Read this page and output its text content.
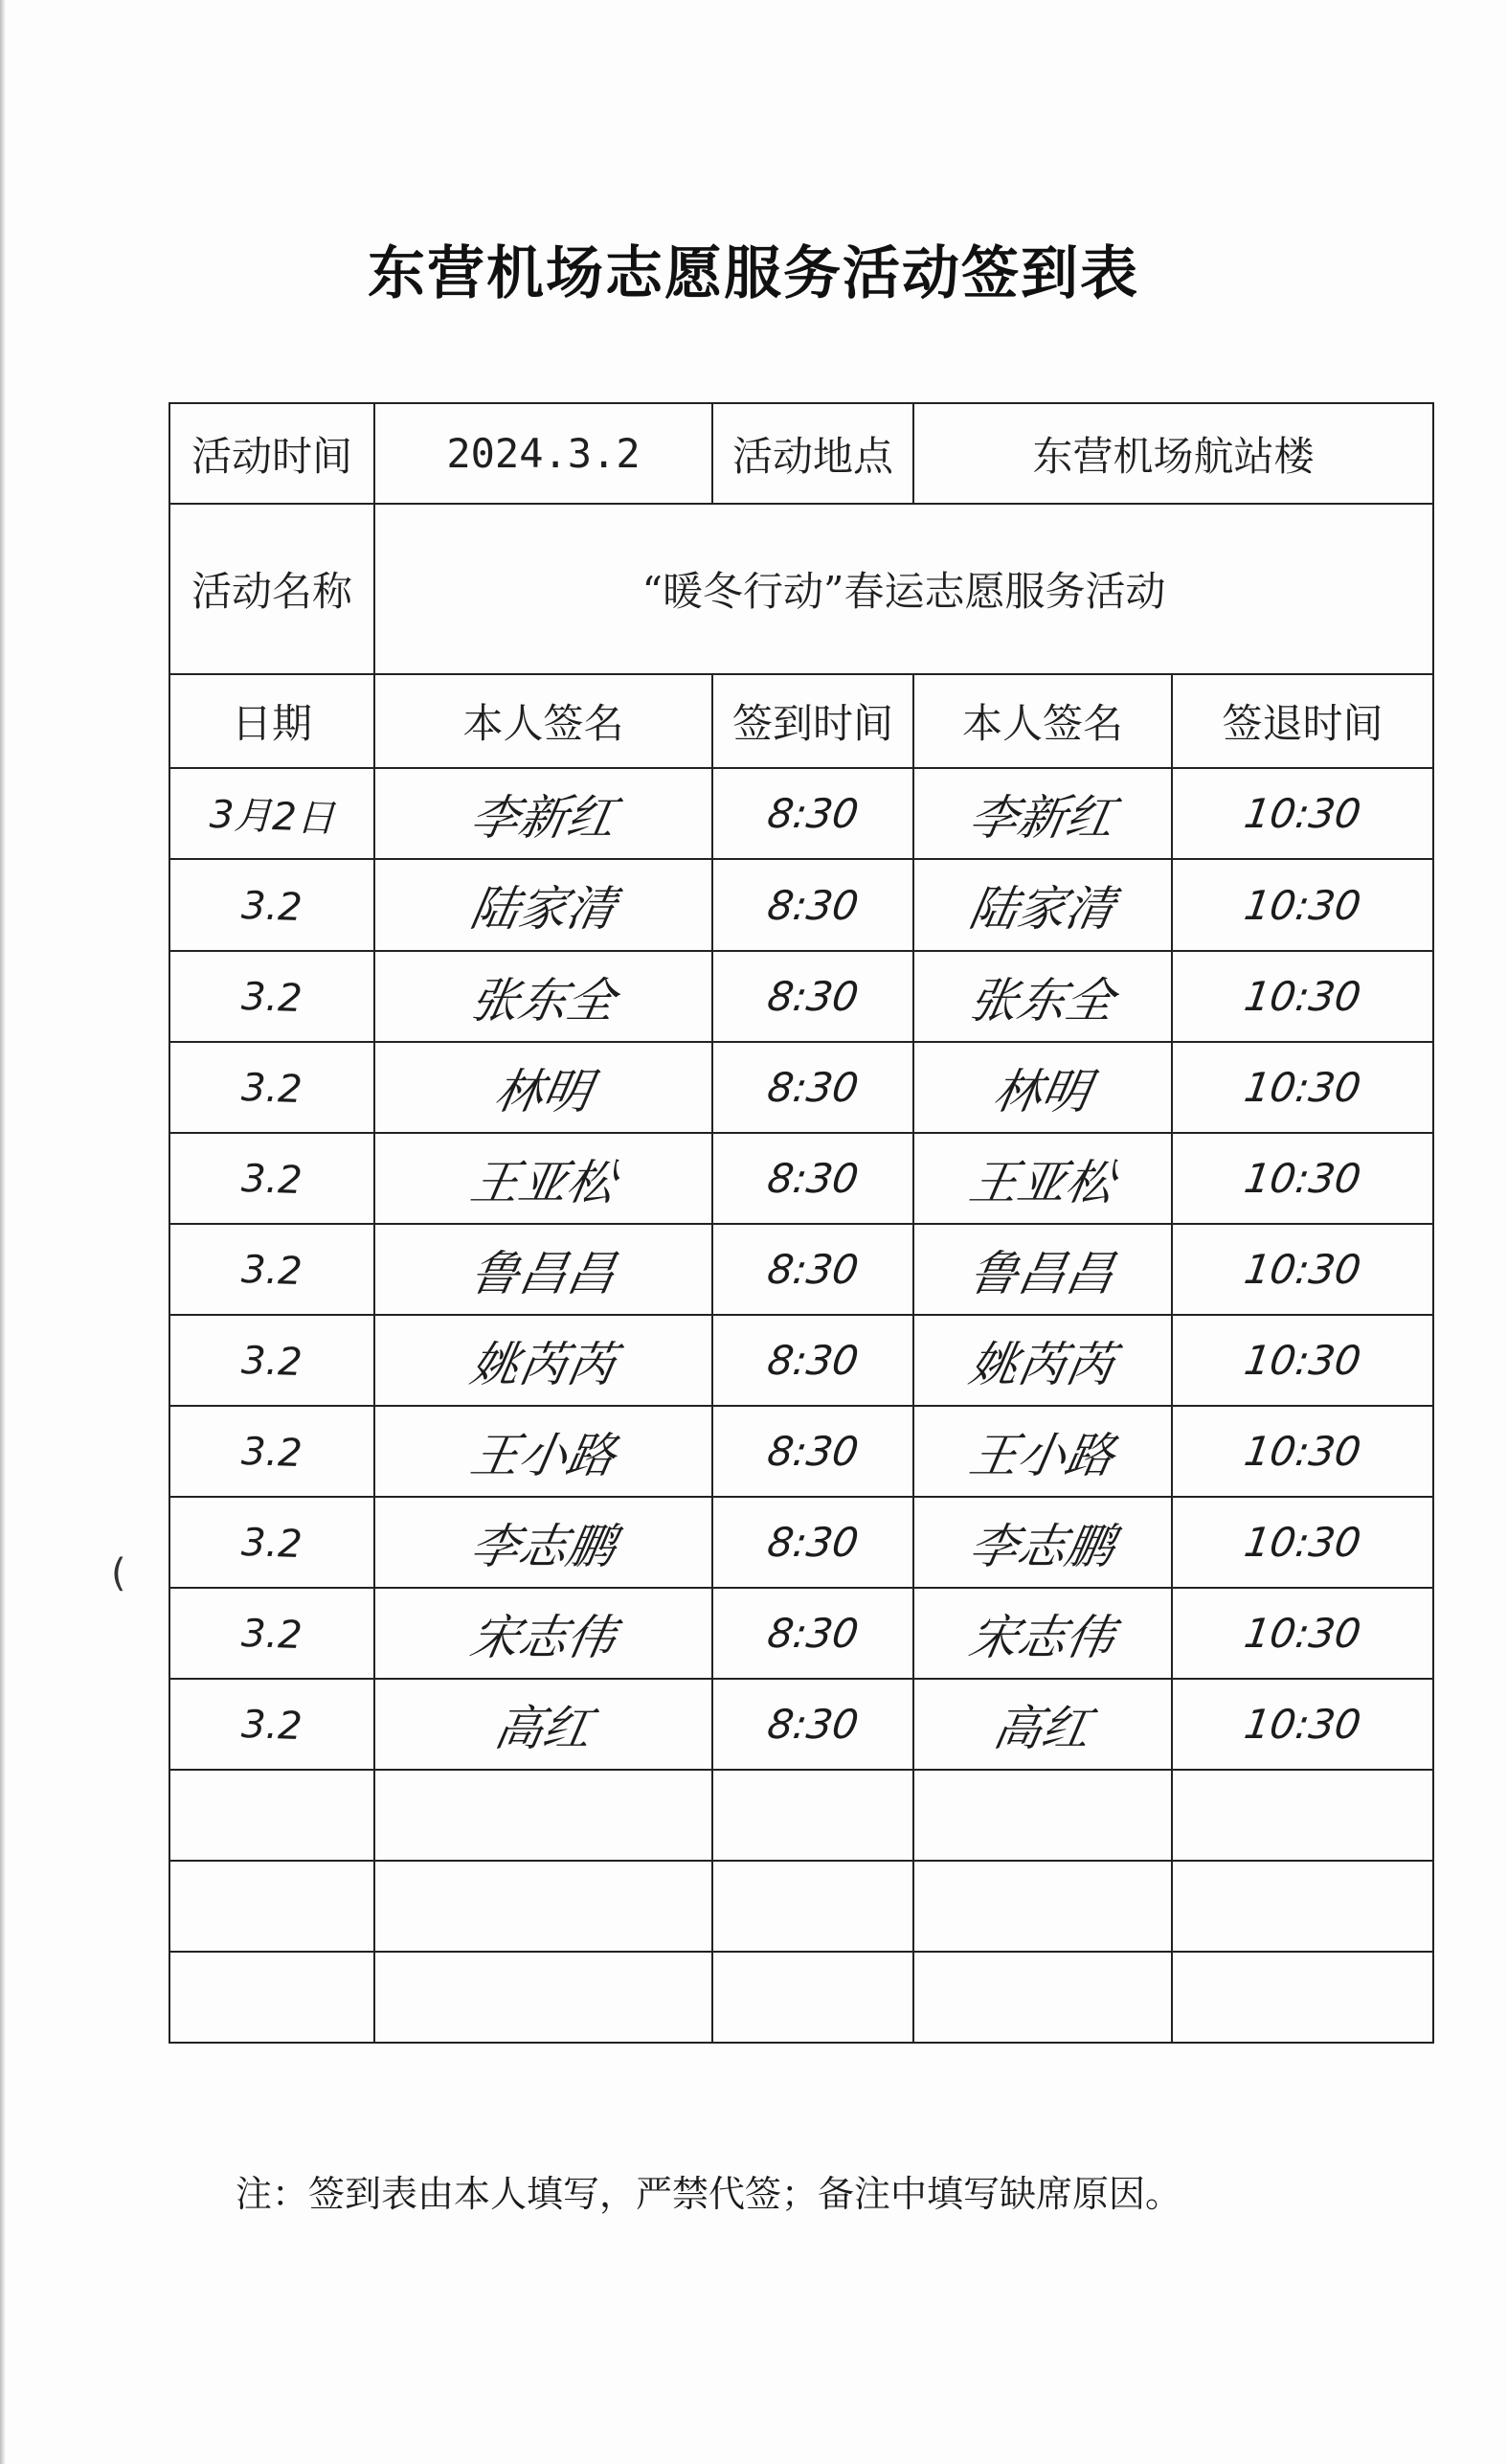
东营机场志愿服务活动签到表
活动时间	2024.3.2	活动地点	东营机场航站楼	
活动名称	“暖冬行动”春运志愿服务活动			
日期	本人签名	签到时间	本人签名	签退时间
3月2日	李新红	8:30	李新红	10:30
3.2	陆家清	8:30	陆家清	10:30
3.2	张东全	8:30	张东全	10:30
3.2	林明	8:30	林明	10:30
3.2	王亚松	8:30	王亚松	10:30
3.2	鲁昌昌	8:30	鲁昌昌	10:30
3.2	姚芮芮	8:30	姚芮芮	10:30
3.2	王小路	8:30	王小路	10:30
3.2	李志鹏	8:30	李志鹏	10:30
3.2	宋志伟	8:30	宋志伟	10:30
3.2	高红	8:30	高红	10:30

注：签到表由本人填写，严禁代签；备注中填写缺席原因。
(
